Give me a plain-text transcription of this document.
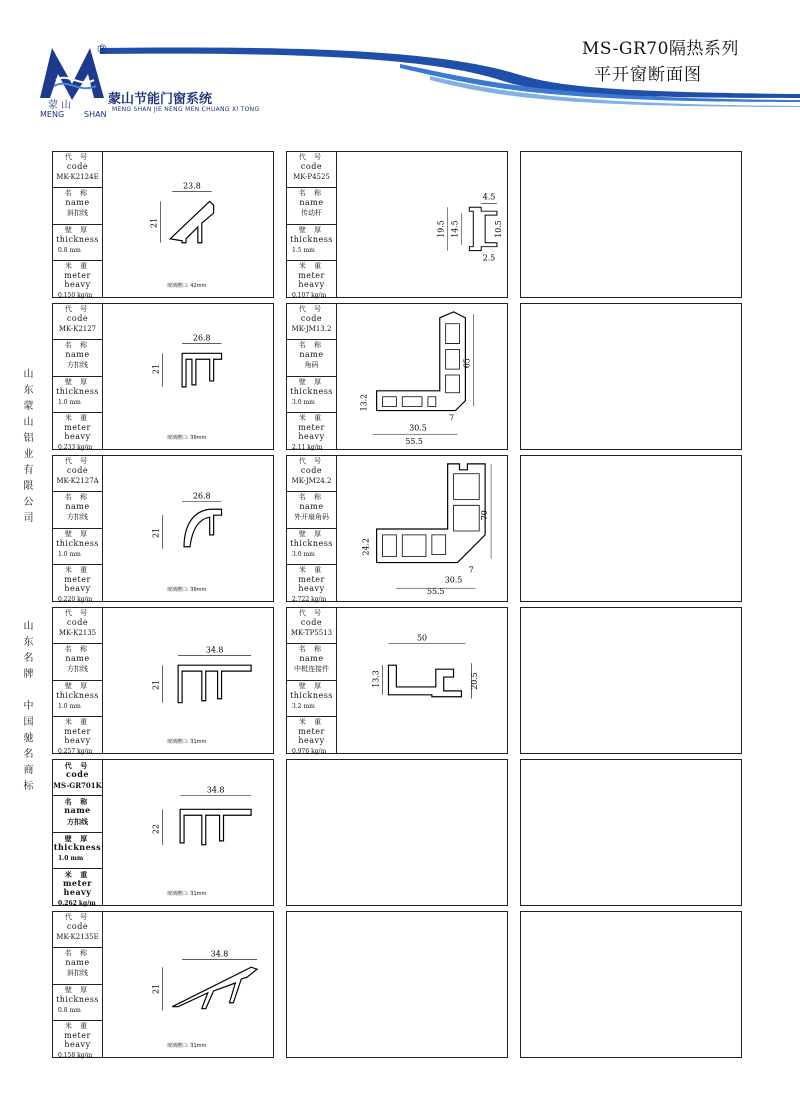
蒙 山
®
MENG SHAN
蒙山节能门窗系统
MENG SHAN JIE NENG MEN CHUANG XI TONG
MS-GR70隔热系列
平开窗断面图
山东蒙山铝业有限公司
山东名牌
中国驰名商标
代 号
code
MK-K2124E
名 称
name
斜扣线
壁 厚
thickness
0.8 mm
米 重
meter heavy
0.150 kg/m
23.8
21
玻璃槽口: 42mm
代 号
code
MK-P4525
名 称
name
传动杆
壁 厚
thickness
1.5 mm
米 重
meter heavy
0.107 kg/m
4.5
19.5 14.5	10.5
2.5
代 号
code
MK-K2127
名 称
name
方扣线
壁 厚
thickness
1.0 mm
米 重
meter heavy
0.233 kg/m
26.8
21
玻璃槽口: 39mm
代 号
code
MK-JM13.2
名 称
name
角码
壁 厚
thickness
3.0 mm
米 重
meter heavy
2.11 kg/m
65
13.2
30.5
7
55.5
代 号
code
MK-K2127A
名 称
name
方扣线
壁 厚
thickness
1.0 mm
米 重
meter heavy
0.220 kg/m
26.8
21
玻璃槽口: 39mm
代 号
code
MK-JM24.2
名 称
name
外开扇角码
壁 厚
thickness
3.0 mm
米 重
meter heavy
2.722 kg/m
70
24.2
30.5
7
55.5
代 号
code
MK-K2135
名 称
name
方扣线
壁 厚
thickness
1.0 mm
米 重
meter heavy
0.257 kg/m
34.8
21
玻璃槽口: 31mm
代 号
code
MK-TP5513
名 称
name
中梃连接件
壁 厚
thickness
3.2 mm
米 重
meter heavy
0.976 kg/m
50
13.3	20.5
代 号
code
MS-GR701K
名 称
name
方扣线
壁 厚
thickness
1.0 mm
米 重
meter heavy
0.262 kg/m
34.8
22
玻璃槽口: 31mm
代 号
code
MK-K2135E
名 称
name
斜扣线
壁 厚
thickness
0.8 mm
米 重
meter heavy
0.158 kg/m
34.8
21
玻璃槽口: 31mm
